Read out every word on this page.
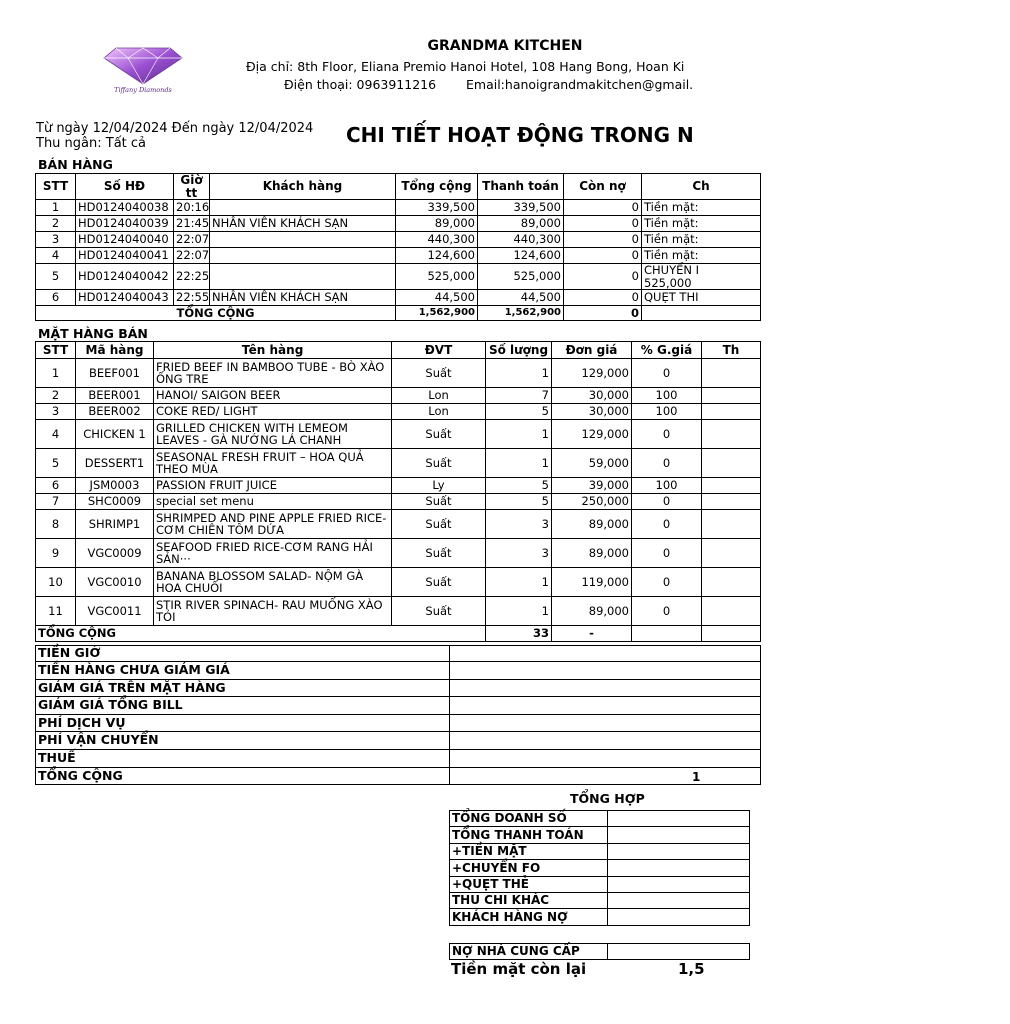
Tiffany Diamonds
GRANDMA KITCHEN
Địa chỉ: 8th Floor, Eliana Premio Hanoi Hotel, 108 Hang Bong, Hoan Ki
Điện thoại: 0963911216 Email:hanoigrandmakitchen@gmail.
Từ ngày 12/04/2024 Đến ngày 12/04/2024
Thu ngân: Tất cả	CHI TIẾT HOẠT ĐỘNG TRONG N
BÁN HÀNG
STT	Số HĐ	Giờ tt	Khách hàng	Tổng cộng	Thanh toán	Còn nợ	Ch
1	HD0124040038	20:16		339,500	339,500	0	Tiền mặt:
2	HD0124040039	21:45	NHÂN VIÊN KHÁCH SẠN	89,000	89,000	0	Tiền mặt:
3	HD0124040040	22:07		440,300	440,300	0	Tiền mặt:
4	HD0124040041	22:07		124,600	124,600	0	Tiền mặt:
5	HD0124040042	22:25		525,000	525,000	0	CHUYỂN I
525,000
6	HD0124040043	22:55	NHÂN VIÊN KHÁCH SẠN	44,500	44,500	0	QUẸT THI
TỔNG CỘNG				1,562,900	1,562,900	0	
MẶT HÀNG BÁN
STT	Mã hàng	Tên hàng	ĐVT	Số lượng	Đơn giá	% G.giá	Th
1	BEEF001	FRIED BEEF IN BAMBOO TUBE - BÒ XÀO ỐNG TRE	Suất	1	129,000	0	
2	BEER001	HANOI/ SAIGON BEER	Lon	7	30,000	100	
3	BEER002	COKE RED/ LIGHT	Lon	5	30,000	100	
4	CHICKEN 1	GRILLED CHICKEN WITH LEMEOM LEAVES - GÀ NƯỚNG LÁ CHANH	Suất	1	129,000	0	
5	DESSERT1	SEASONAL FRESH FRUIT – HOA QUẢ THEO MÙA	Suất	1	59,000	0	
6	JSM0003	PASSION FRUIT JUICE	Ly	5	39,000	100	
7	SHC0009	special set menu	Suất	5	250,000	0	
8	SHRIMP1	SHRIMPED AND PINE APPLE FRIED RICE-CƠM CHIÊN TÔM DỨA	Suất	3	89,000	0	
9	VGC0009	SEAFOOD FRIED RICE-CƠM RANG HẢI SẢN···	Suất	3	89,000	0	
10	VGC0010	BANANA BLOSSOM SALAD- NỘM GÀ HOA CHUỐI	Suất	1	119,000	0	
11	VGC0011	STIR RIVER SPINACH- RAU MUỐNG XÀO TỎI	Suất	1	89,000	0	
TỔNG CỘNG				33	-		
TIỀN GIỜ	
TIỀN HÀNG CHƯA GIẢM GIÁ	
GIẢM GIÁ TRÊN MẶT HÀNG	
GIẢM GIÁ TỔNG BILL	
PHÍ DỊCH VỤ	
PHÍ VẬN CHUYỂN	
THUẾ	
TỔNG CỘNG		1
TỔNG HỢP
TỔNG DOANH SỐ	
TỔNG THANH TOÁN	
+TIỀN MẶT	
+CHUYỂN FO	
+QUẸT THẺ	
THU CHI KHÁC	
KHÁCH HÀNG NỢ	
NỢ NHÀ CUNG CẤP	
Tiền mặt còn lại	1,5
